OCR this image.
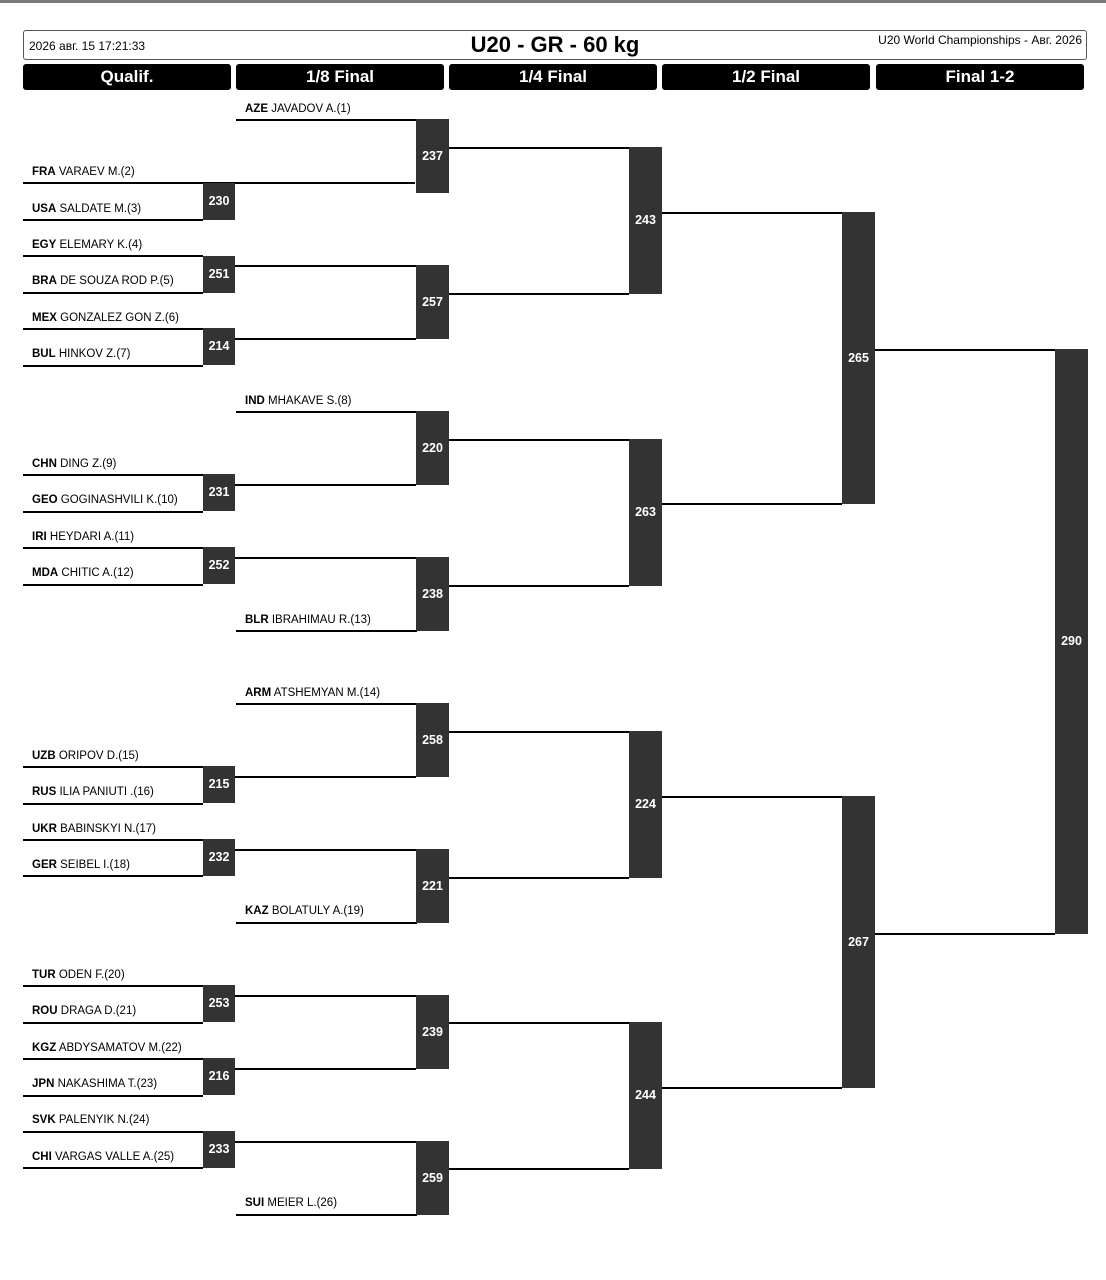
2026 авг. 15 17:21:33	U20 - GR - 60 kg	U20 World Championships - Авг. 2026
Qualif.	1/8 Final	1/4 Final	1/2 Final	Final 1-2
AZE JAVADOV A.(1)
FRA VARAEV M.(2)
USA SALDATE M.(3)
EGY ELEMARY K.(4)
BRA DE SOUZA ROD P.(5)
MEX GONZALEZ GON Z.(6)
BUL HINKOV Z.(7)
IND MHAKAVE S.(8)
CHN DING Z.(9)
GEO GOGINASHVILI K.(10)
IRI HEYDARI A.(11)
MDA CHITIC A.(12)
BLR IBRAHIMAU R.(13)
ARM ATSHEMYAN M.(14)
UZB ORIPOV D.(15)
RUS ILIA PANIUTI .(16)
UKR BABINSKYI N.(17)
GER SEIBEL I.(18)
KAZ BOLATULY A.(19)
TUR ODEN F.(20)
ROU DRAGA D.(21)
KGZ ABDYSAMATOV M.(22)
JPN NAKASHIMA T.(23)
SVK PALENYIK N.(24)
CHI VARGAS VALLE A.(25)
SUI MEIER L.(26)
230
251
214
231
252
215
232
253
216
233
237
257
220
238
258
221
239
259
243
263
224
244
265
267
290
